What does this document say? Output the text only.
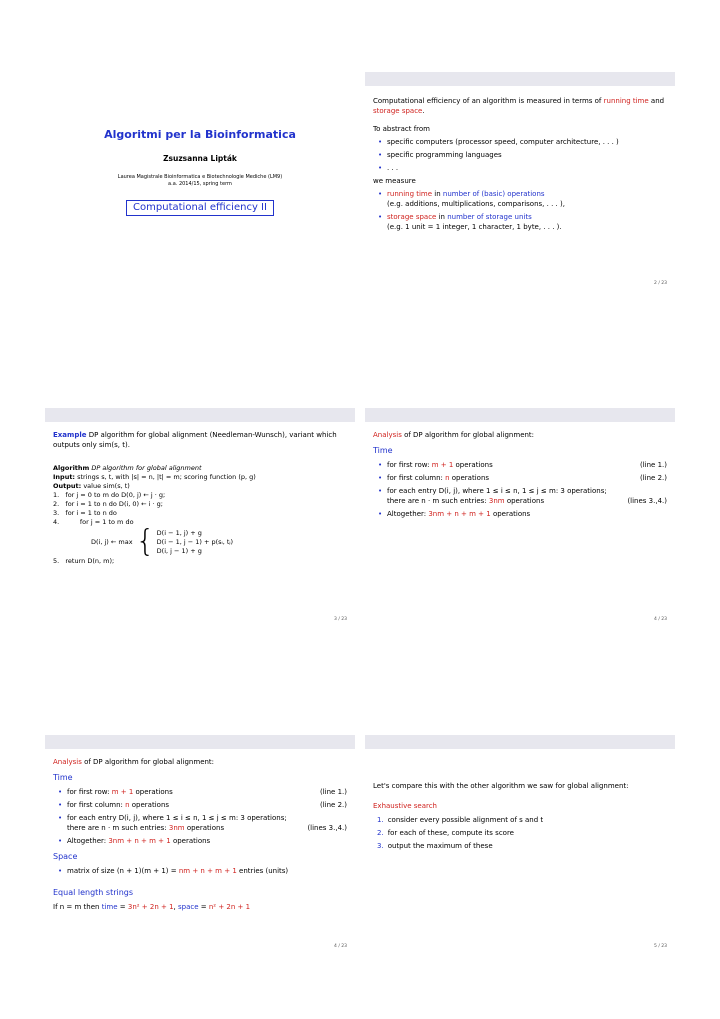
Algoritmi per la Bioinformatica
Zsuzsanna Lipták
Laurea Magistrale Bioinformatica e Biotechnologie Mediche (LM9)
a.a. 2014/15, spring term
Computational efficiency II
Computational efficiency of an algorithm is measured in terms of running time and storage space.
To abstract from
• specific computers (processor speed, computer architecture, . . . )
• specific programming languages
• . . .
we measure
• running time in number of (basic) operations
(e.g. additions, multiplications, comparisons, . . . ),
• storage space in number of storage units
(e.g. 1 unit = 1 integer, 1 character, 1 byte, . . . ).
2 / 23
Example DP algorithm for global alignment (Needleman-Wunsch), variant which outputs only sim(s, t).
Algorithm DP algorithm for global alignment
Input: strings s, t, with |s| = n, |t| = m; scoring function (p, g)
Output: value sim(s, t)
1.   for j = 0 to m do D(0, j) ← j · g;
2.   for i = 1 to n do D(i, 0) ← i · g;
3.   for i = 1 to n do
4.          for j = 1 to m do
D(i, j) ← max { D(i − 1, j) + g
D(i − 1, j − 1) + p(sᵢ, tⱼ)
D(i, j − 1) + g
5.   return D(n, m);
3 / 23
Analysis of DP algorithm for global alignment:
Time
• for first row: m + 1 operations	(line 1.)
• for first column: n operations	(line 2.)
• for each entry D(i, j), where 1 ≤ i ≤ n, 1 ≤ j ≤ m: 3 operations;
there are n · m such entries: 3nm operations	(lines 3.,4.)
• Altogether: 3nm + n + m + 1 operations
4 / 23
Analysis of DP algorithm for global alignment:
Time
• for first row: m + 1 operations	(line 1.)
• for first column: n operations	(line 2.)
• for each entry D(i, j), where 1 ≤ i ≤ n, 1 ≤ j ≤ m: 3 operations;
there are n · m such entries: 3nm operations	(lines 3.,4.)
• Altogether: 3nm + n + m + 1 operations
Space
• matrix of size (n + 1)(m + 1) = nm + n + m + 1 entries (units)
Equal length strings
If n = m then time = 3n² + 2n + 1, space = n² + 2n + 1
4 / 23
Let's compare this with the other algorithm we saw for global alignment:
Exhaustive search
1. consider every possible alignment of s and t
2. for each of these, compute its score
3. output the maximum of these
5 / 23
